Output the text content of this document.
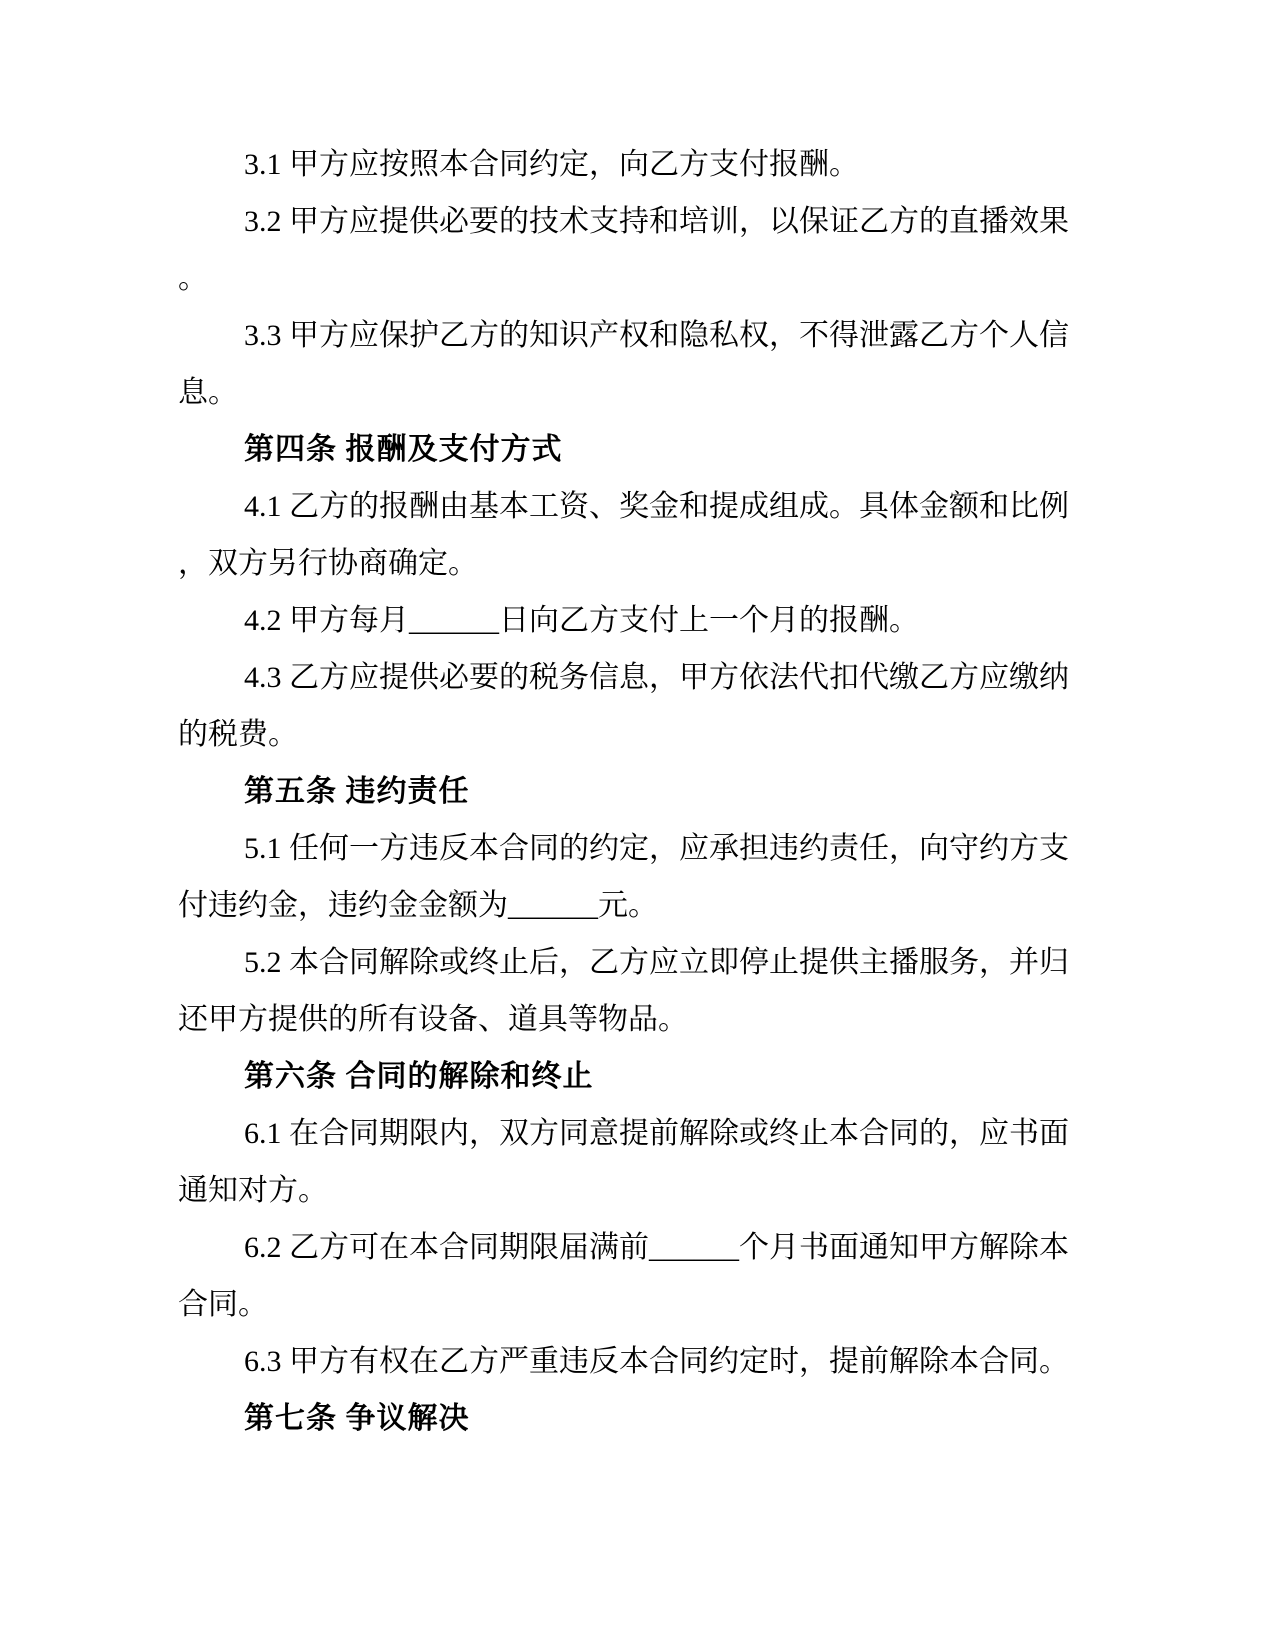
3.1 甲方应按照本合同约定，向乙方支付报酬。
3.2 甲方应提供必要的技术支持和培训，以保证乙方的直播效果
。
3.3 甲方应保护乙方的知识产权和隐私权，不得泄露乙方个人信
息。
第四条 报酬及支付方式
4.1 乙方的报酬由基本工资、奖金和提成组成。具体金额和比例
，双方另行协商确定。
4.2 甲方每月______日向乙方支付上一个月的报酬。
4.3 乙方应提供必要的税务信息，甲方依法代扣代缴乙方应缴纳
的税费。
第五条 违约责任
5.1 任何一方违反本合同的约定，应承担违约责任，向守约方支
付违约金，违约金金额为______元。
5.2 本合同解除或终止后，乙方应立即停止提供主播服务，并归
还甲方提供的所有设备、道具等物品。
第六条 合同的解除和终止
6.1 在合同期限内，双方同意提前解除或终止本合同的，应书面
通知对方。
6.2 乙方可在本合同期限届满前______个月书面通知甲方解除本
合同。
6.3 甲方有权在乙方严重违反本合同约定时，提前解除本合同。
第七条 争议解决
